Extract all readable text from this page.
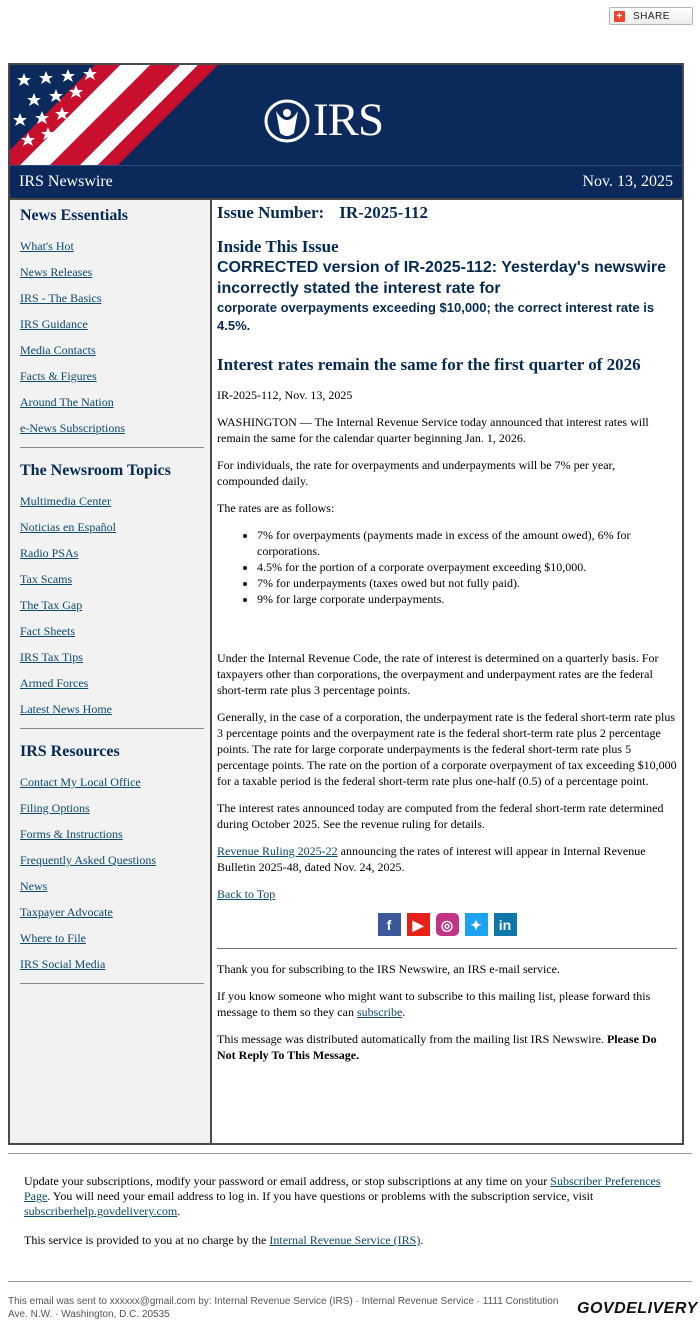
+ SHARE
IRS
IRS Newswire	Nov. 13, 2025
News Essentials
What's Hot
News Releases
IRS - The Basics
IRS Guidance
Media Contacts
Facts & Figures
Around The Nation
e-News Subscriptions
The Newsroom Topics
Multimedia Center
Noticias en Español
Radio PSAs
Tax Scams
The Tax Gap
Fact Sheets
IRS Tax Tips
Armed Forces
Latest News Home
IRS Resources
Contact My Local Office
Filing Options
Forms & Instructions
Frequently Asked Questions
News
Taxpayer Advocate
Where to File
IRS Social Media
Issue Number: IR-2025-112
Inside This Issue
CORRECTED version of IR-2025-112: Yesterday's newswire incorrectly stated the interest rate for
corporate overpayments exceeding $10,000; the correct interest rate is 4.5%.
Interest rates remain the same for the first quarter of 2026

IR-2025-112, Nov. 13, 2025

WASHINGTON — The Internal Revenue Service today announced that interest rates will remain the same for the calendar quarter beginning Jan. 1, 2026.

For individuals, the rate for overpayments and underpayments will be 7% per year, compounded daily.

The rates are as follows:

• 7% for overpayments (payments made in excess of the amount owed), 6% for corporations.
• 4.5% for the portion of a corporate overpayment exceeding $10,000.
• 7% for underpayments (taxes owed but not fully paid).
• 9% for large corporate underpayments.

Under the Internal Revenue Code, the rate of interest is determined on a quarterly basis. For taxpayers other than corporations, the overpayment and underpayment rates are the federal short-term rate plus 3 percentage points.

Generally, in the case of a corporation, the underpayment rate is the federal short-term rate plus 3 percentage points and the overpayment rate is the federal short-term rate plus 2 percentage points. The rate for large corporate underpayments is the federal short-term rate plus 5 percentage points. The rate on the portion of a corporate overpayment of tax exceeding $10,000 for a taxable period is the federal short-term rate plus one-half (0.5) of a percentage point.

The interest rates announced today are computed from the federal short-term rate determined during October 2025. See the revenue ruling for details.

Revenue Ruling 2025-22 announcing the rates of interest will appear in Internal Revenue Bulletin 2025-48, dated Nov. 24, 2025.

Back to Top

f	▶	◎	✦	in

Thank you for subscribing to the IRS Newswire, an IRS e-mail service.

If you know someone who might want to subscribe to this mailing list, please forward this message to them so they can subscribe.

This message was distributed automatically from the mailing list IRS Newswire. Please Do Not Reply To This Message.

Update your subscriptions, modify your password or email address, or stop subscriptions at any time on your Subscriber Preferences Page. You will need your email address to log in. If you have questions or problems with the subscription service, visit subscriberhelp.govdelivery.com.

This service is provided to you at no charge by the Internal Revenue Service (IRS).

This email was sent to xxxxxx@gmail.com by: Internal Revenue Service (IRS) · Internal Revenue Service · 1111 Constitution Ave. N.W. · Washington, D.C. 20535	GOVDELIVERY
